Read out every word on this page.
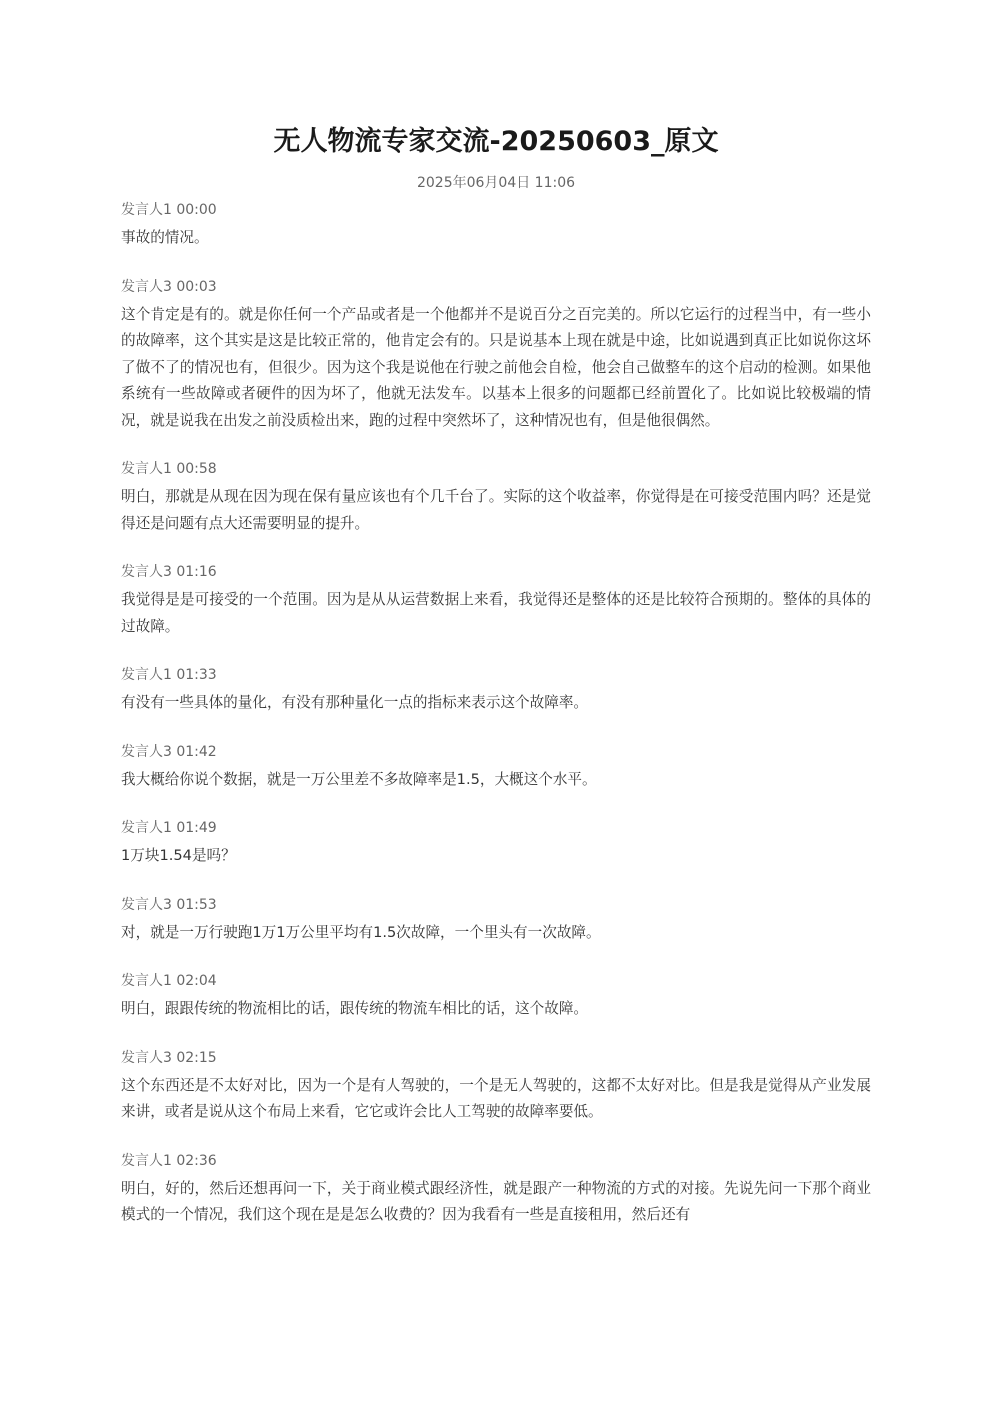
无人物流专家交流-20250603_原文
2025年06月04日 11:06
发言人1 00:00

事故的情况。

发言人3 00:03

这个肯定是有的。就是你任何一个产品或者是一个他都并不是说百分之百完美的。所以它运行的过程当中，有一些小的故障率，这个其实是这是比较正常的，他肯定会有的。只是说基本上现在就是中途，比如说遇到真正比如说你这坏了做不了的情况也有，但很少。因为这个我是说他在行驶之前他会自检，他会自己做整车的这个启动的检测。如果他系统有一些故障或者硬件的因为坏了，他就无法发车。以基本上很多的问题都已经前置化了。比如说比较极端的情况，就是说我在出发之前没质检出来，跑的过程中突然坏了，这种情况也有，但是他很偶然。

发言人1 00:58

明白，那就是从现在因为现在保有量应该也有个几千台了。实际的这个收益率，你觉得是在可接受范围内吗？还是觉得还是问题有点大还需要明显的提升。

发言人3 01:16

我觉得是是可接受的一个范围。因为是从从运营数据上来看，我觉得还是整体的还是比较符合预期的。整体的具体的过故障。

发言人1 01:33

有没有一些具体的量化，有没有那种量化一点的指标来表示这个故障率。

发言人3 01:42

我大概给你说个数据，就是一万公里差不多故障率是1.5，大概这个水平。

发言人1 01:49

1万块1.54是吗？

发言人3 01:53

对，就是一万行驶跑1万1万公里平均有1.5次故障，一个里头有一次故障。

发言人1 02:04

明白，跟跟传统的物流相比的话，跟传统的物流车相比的话，这个故障。

发言人3 02:15

这个东西还是不太好对比，因为一个是有人驾驶的，一个是无人驾驶的，这都不太好对比。但是我是觉得从产业发展来讲，或者是说从这个布局上来看，它它或许会比人工驾驶的故障率要低。

发言人1 02:36

明白，好的，然后还想再问一下，关于商业模式跟经济性，就是跟产一种物流的方式的对接。先说先问一下那个商业模式的一个情况，我们这个现在是是怎么收费的？因为我看有一些是直接租用，然后还有
